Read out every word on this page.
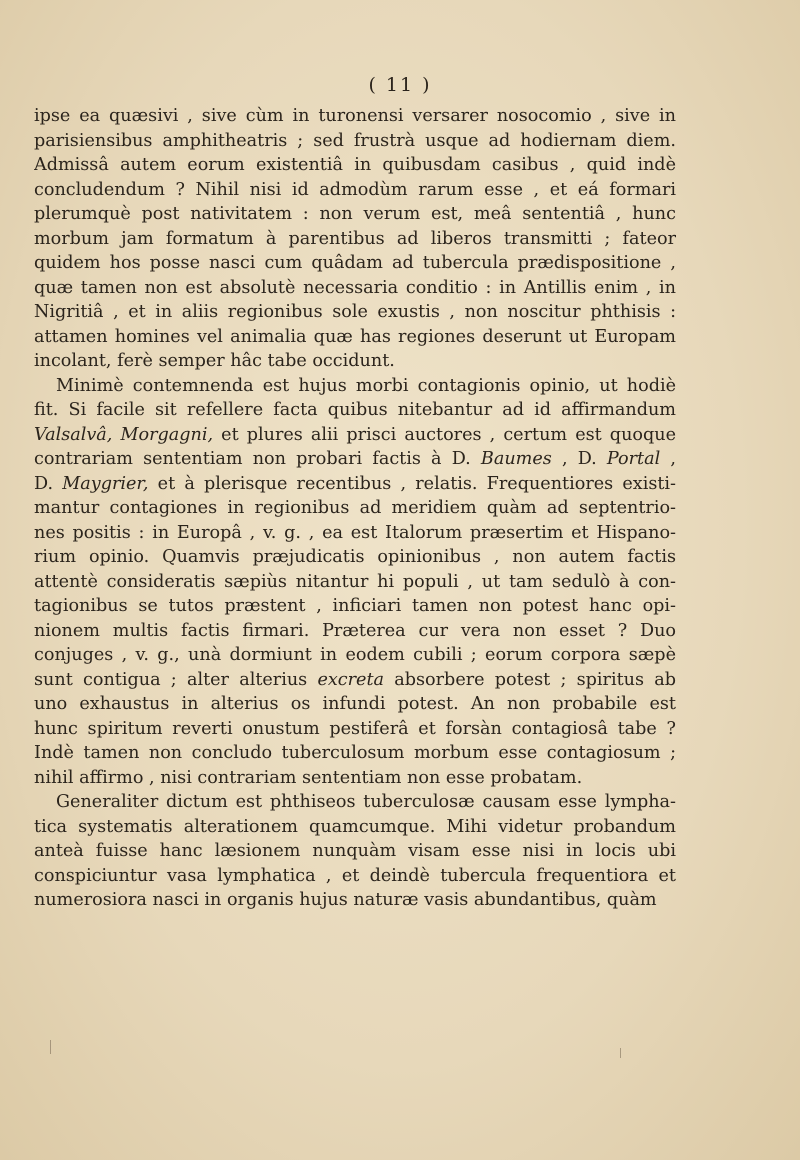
( 11 )
ipse ea quæsivi , sive cùm in turonensi versarer nosocomio , sive in
parisiensibus amphitheatris ; sed frustrà usque ad hodiernam diem.
Admissâ autem eorum existentiâ in quibusdam casibus , quid indè
concludendum ? Nihil nisi id admodùm rarum esse , et eá formari
plerumquè post nativitatem : non verum est, meâ sententiâ , hunc
morbum jam formatum à parentibus ad liberos transmitti ; fateor
quidem hos posse nasci cum quâdam ad tubercula prædispositione ,
quæ tamen non est absolutè necessaria conditio : in Antillis enim , in
Nigritiâ , et in aliis regionibus sole exustis , non noscitur phthisis :
attamen homines vel animalia quæ has regiones deserunt ut Europam
incolant, ferè semper hâc tabe occidunt.
Minimè contemnenda est hujus morbi contagionis opinio, ut hodiè
fit. Si facile sit refellere facta quibus nitebantur ad id affirmandum
Valsalvâ, Morgagni, et plures alii prisci auctores , certum est quoque
contrariam sententiam non probari factis à D. Baumes , D. Portal ,
D. Maygrier, et à plerisque recentibus , relatis. Frequentiores existi-
mantur contagiones in regionibus ad meridiem quàm ad septentrio-
nes positis : in Europâ , v. g. , ea est Italorum præsertim et Hispano-
rium opinio. Quamvis præjudicatis opinionibus , non autem factis
attentè consideratis sæpiùs nitantur hi populi , ut tam sedulò à con-
tagionibus se tutos præstent , inficiari tamen non potest hanc opi-
nionem multis factis firmari. Præterea cur vera non esset ? Duo
conjuges , v. g., unà dormiunt in eodem cubili ; eorum corpora sæpè
sunt contigua ; alter alterius excreta absorbere potest ; spiritus ab
uno exhaustus in alterius os infundi potest. An non probabile est
hunc spiritum reverti onustum pestiferâ et forsàn contagiosâ tabe ?
Indè tamen non concludo tuberculosum morbum esse contagiosum ;
nihil affirmo , nisi contrariam sententiam non esse probatam.
Generaliter dictum est phthiseos tuberculosæ causam esse lympha-
tica systematis alterationem quamcumque. Mihi videtur probandum
anteà fuisse hanc læsionem nunquàm visam esse nisi in locis ubi
conspiciuntur vasa lymphatica , et deindè tubercula frequentiora et
numerosiora nasci in organis hujus naturæ vasis abundantibus, quàm
